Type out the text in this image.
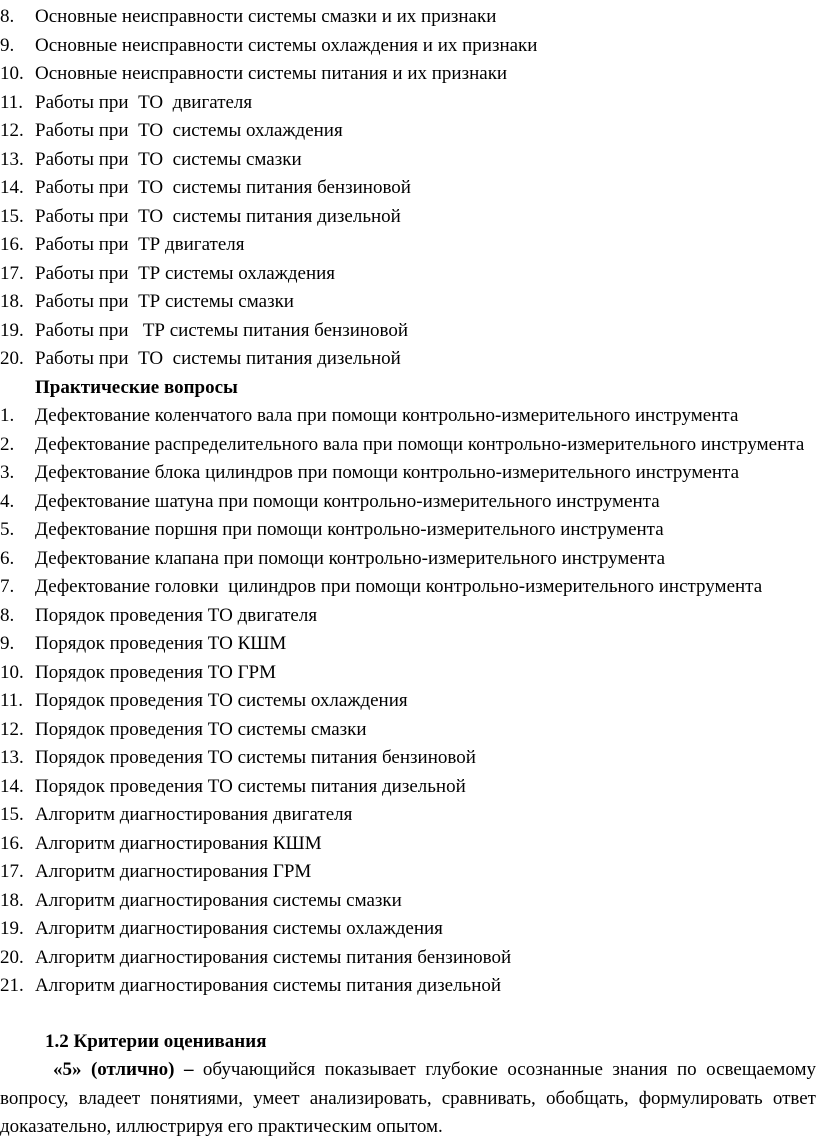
8.	Основные неисправности системы смазки и их признаки
9.	Основные неисправности системы охлаждения и их признаки
10. Основные неисправности системы питания и их признаки
11. Работы при  ТО  двигателя
12. Работы при  ТО  системы охлаждения
13. Работы при  ТО  системы смазки
14. Работы при  ТО  системы питания бензиновой
15. Работы при  ТО  системы питания дизельной
16. Работы при  ТР двигателя
17. Работы при  ТР системы охлаждения
18. Работы при  ТР системы смазки
19. Работы при   ТР системы питания бензиновой
20. Работы при  ТО  системы питания дизельной
Практические вопросы
1.	Дефектование коленчатого вала при помощи контрольно-измерительного инструмента
2.	Дефектование распределительного вала при помощи контрольно-измерительного инструмента
3.	Дефектование блока цилиндров при помощи контрольно-измерительного инструмента
4.	Дефектование шатуна при помощи контрольно-измерительного инструмента
5.	Дефектование поршня при помощи контрольно-измерительного инструмента
6.	Дефектование клапана при помощи контрольно-измерительного инструмента
7.	Дефектование головки  цилиндров при помощи контрольно-измерительного инструмента
8.	Порядок проведения ТО двигателя
9.	Порядок проведения ТО КШМ
10. Порядок проведения ТО ГРМ
11. Порядок проведения ТО системы охлаждения
12. Порядок проведения ТО системы смазки
13. Порядок проведения ТО системы питания бензиновой
14. Порядок проведения ТО системы питания дизельной
15. Алгоритм диагностирования двигателя
16. Алгоритм диагностирования КШМ
17. Алгоритм диагностирования ГРМ
18. Алгоритм диагностирования системы смазки
19. Алгоритм диагностирования системы охлаждения
20. Алгоритм диагностирования системы питания бензиновой
21. Алгоритм диагностирования системы питания дизельной
1.2 Критерии оценивания

«5» (отлично) – обучающийся показывает глубокие осознанные знания по освещаемому вопросу, владеет понятиями, умеет анализировать, сравнивать, обобщать, формулировать ответ доказательно, иллюстрируя его практическим опытом.
